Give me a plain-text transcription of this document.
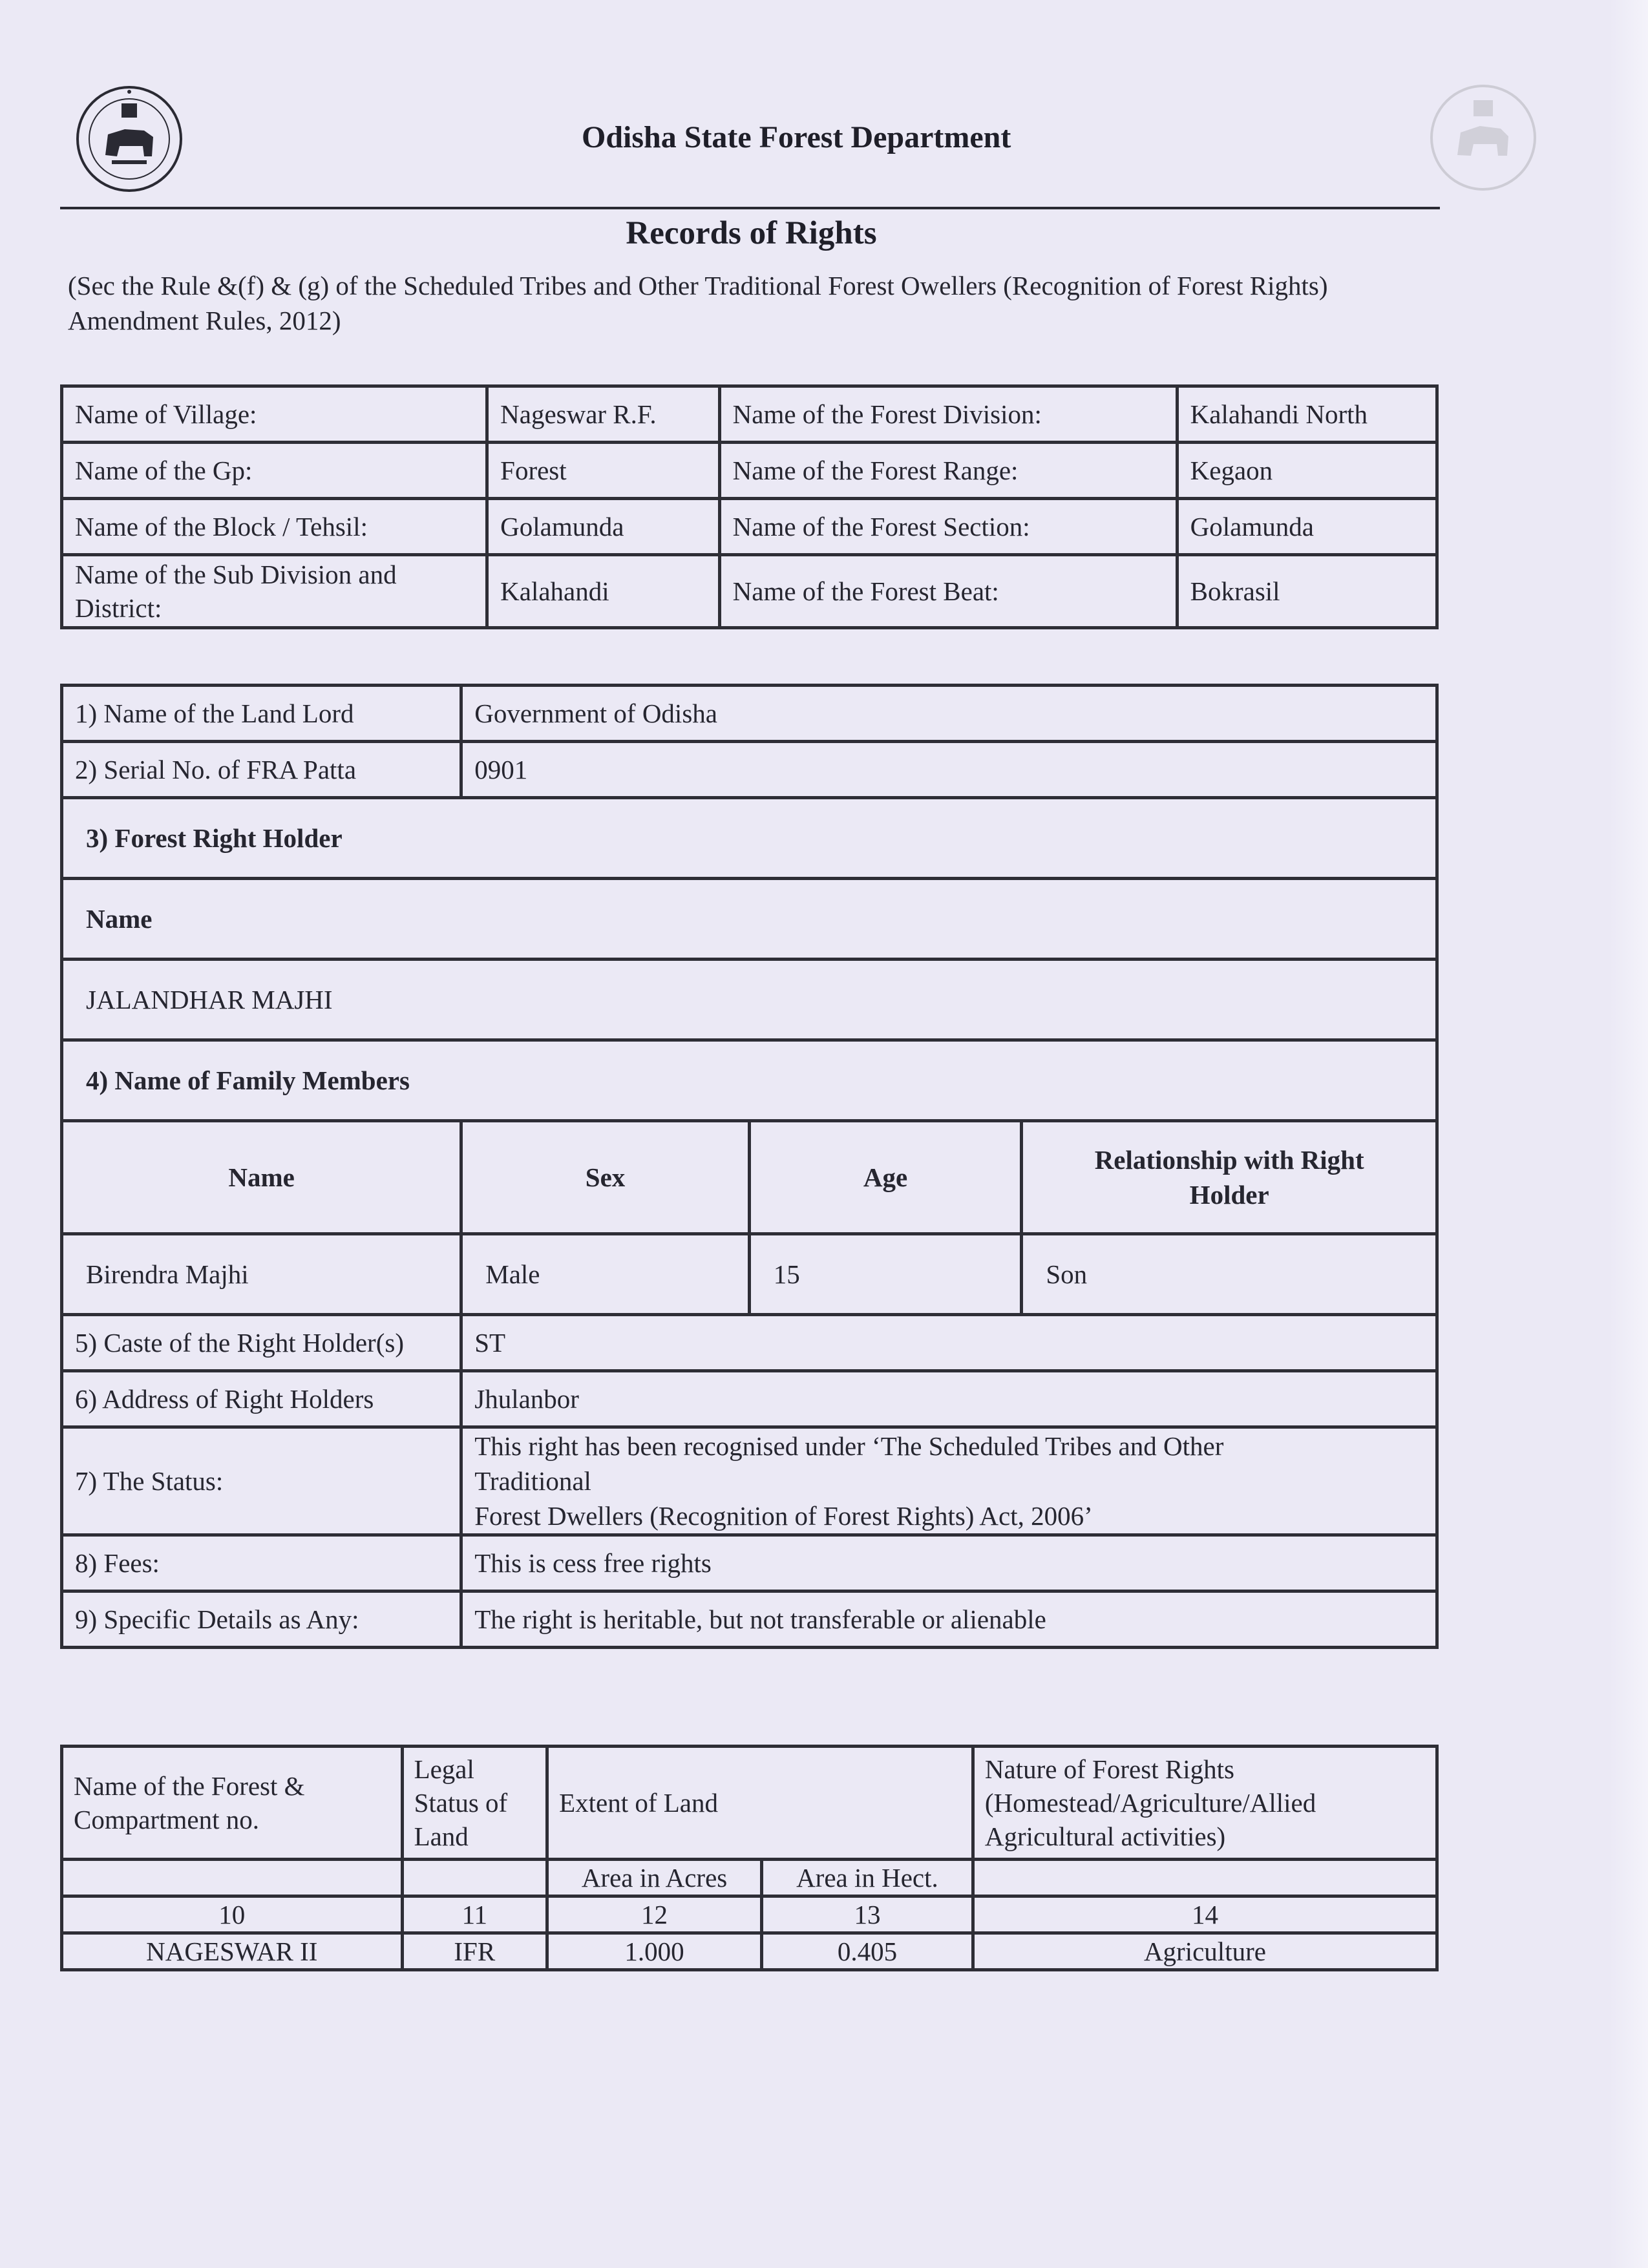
Odisha State Forest Department
Records of Rights
(Sec the Rule &(f) & (g) of the Scheduled Tribes and Other Traditional Forest Owellers (Recognition of Forest Rights) Amendment Rules, 2012)
Name of Village:	Nageswar R.F.	Name of the Forest Division:	Kalahandi North
Name of the Gp:	Forest	Name of the Forest Range:	Kegaon
Name of the Block / Tehsil:	Golamunda	Name of the Forest Section:	Golamunda
Name of the Sub Division and District:	Kalahandi	Name of the Forest Beat:	Bokrasil
1) Name of the Land Lord	Government of Odisha		
2) Serial No. of FRA Patta	0901		
3) Forest Right Holder			
Name			
JALANDHAR MAJHI			
4) Name of Family Members			
Name	Sex	Age	Relationship with Right Holder
Birendra Majhi	Male	15	Son
5) Caste of the Right Holder(s)	ST		
6) Address of Right Holders	Jhulanbor		
7) The Status:	This right has been recognised under ‘The Scheduled Tribes and Other Traditional
Forest Dwellers (Recognition of Forest Rights) Act, 2006’		

8) Fees:	This is cess free rights		
9) Specific Details as Any:	The right is heritable, but not transferable or alienable		
Name of the Forest & Compartment no.	Legal Status of Land	Extent of Land		Nature of Forest Rights (Homestead/Agriculture/Allied Agricultural activities)
		Area in Acres	Area in Hect.	
10	11	12	13	14
NAGESWAR II	IFR	1.000	0.405	Agriculture
